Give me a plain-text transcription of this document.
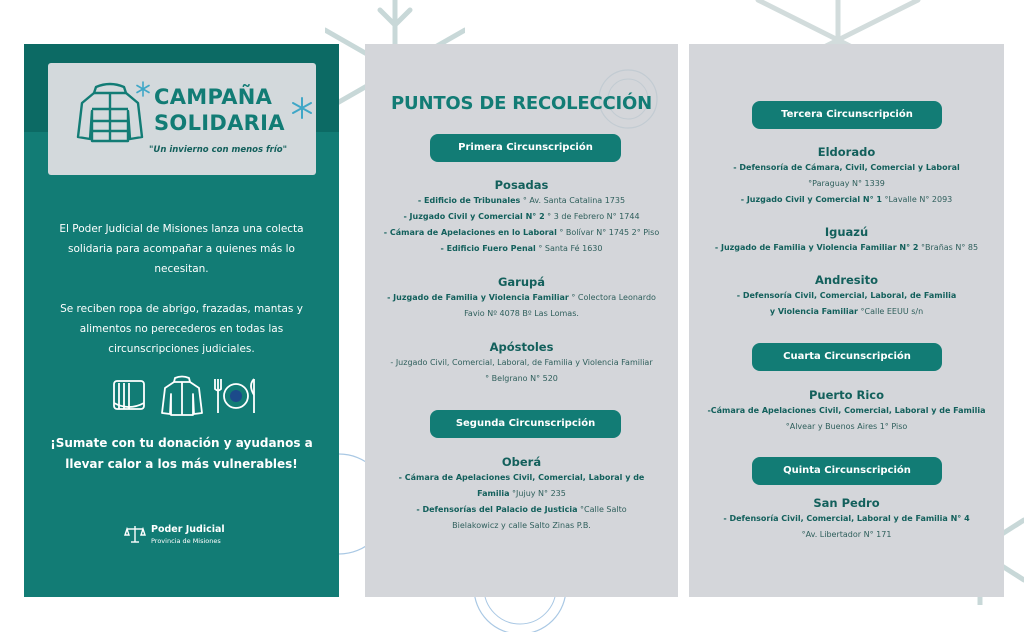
CAMPAÑA
SOLIDARIA
"Un invierno con menos frío"
El Poder Judicial de Misiones lanza una colecta
solidaria para acompañar a quienes más lo
necesitan.
Se reciben ropa de abrigo, frazadas, mantas y
alimentos no perecederos en todas las
circunscripciones judiciales.
¡Sumate con tu donación y ayudanos a
llevar calor a los más vulnerables!
Poder Judicial
Provincia de Misiones
PUNTOS DE RECOLECCIÓN
Primera Circunscripción
Posadas
- Edificio de Tribunales ° Av. Santa Catalina 1735
- Juzgado Civil y Comercial N° 2 ° 3 de Febrero N° 1744
- Cámara de Apelaciones en lo Laboral ° Bolívar N° 1745 2° Piso
- Edificio Fuero Penal ° Santa Fé 1630
Garupá
- Juzgado de Familia y Violencia Familiar ° Colectora Leonardo
Favio Nº 4078 Bº Las Lomas.
Apóstoles
- Juzgado Civil, Comercial, Laboral, de Familia y Violencia Familiar
° Belgrano N° 520
Segunda Circunscripción
Oberá
- Cámara de Apelaciones Civil, Comercial, Laboral y de
Familia °Jujuy N° 235
- Defensorías del Palacio de Justicia °Calle Salto
Bielakowicz y calle Salto Zinas P.B.
Tercera Circunscripción
Eldorado
- Defensoría de Cámara, Civil, Comercial y Laboral
°Paraguay N° 1339
- Juzgado Civil y Comercial N° 1 °Lavalle N° 2093
Iguazú
- Juzgado de Familia y Violencia Familiar N° 2 °Brañas N° 85
Andresito
- Defensoría Civil, Comercial, Laboral, de Familia
y Violencia Familiar °Calle EEUU s/n
Cuarta Circunscripción
Puerto Rico
-Cámara de Apelaciones Civil, Comercial, Laboral y de Familia
°Alvear y Buenos Aires 1° Piso
Quinta Circunscripción
San Pedro
- Defensoría Civil, Comercial, Laboral y de Familia N° 4
°Av. Libertador N° 171
